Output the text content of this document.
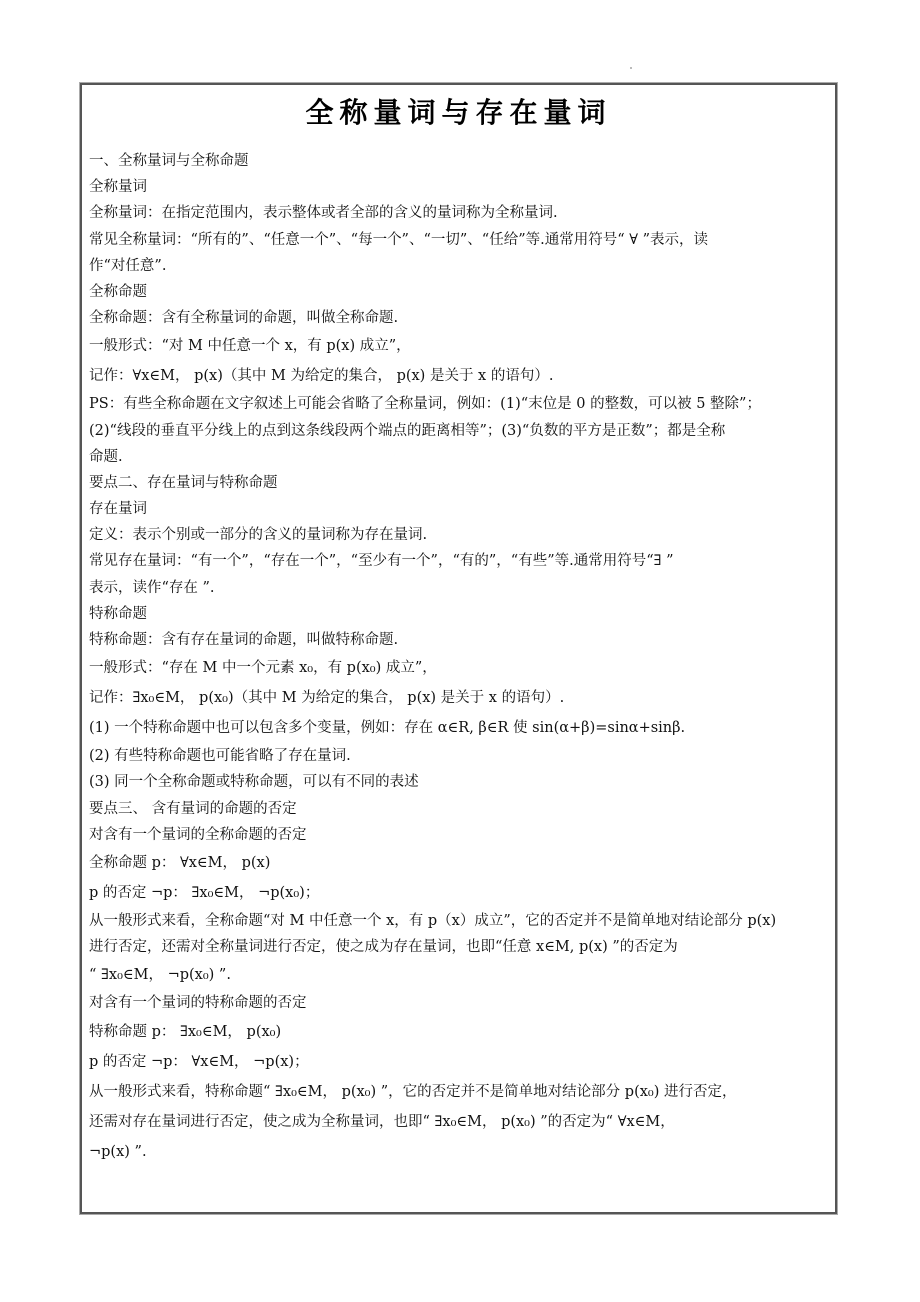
全称量词与存在量词
一、全称量词与全称命题
全称量词
全称量词：在指定范围内，表示整体或者全部的含义的量词称为全称量词.
常见全称量词：“所有的”、“任意一个”、“每一个”、“一切”、“任给”等.通常用符号“ ∀ ”表示，读
作“对任意”.
全称命题
全称命题：含有全称量词的命题，叫做全称命题.
一般形式：“对 M 中任意一个 x，有 p(x) 成立”，
记作：∀x∈M， p(x)（其中 M 为给定的集合， p(x) 是关于 x 的语句）.
PS：有些全称命题在文字叙述上可能会省略了全称量词，例如：(1)“末位是 0 的整数，可以被 5 整除”；
(2)“线段的垂直平分线上的点到这条线段两个端点的距离相等”；(3)“负数的平方是正数”；都是全称
命题.
要点二、存在量词与特称命题
存在量词
定义：表示个别或一部分的含义的量词称为存在量词.
常见存在量词：“有一个”，“存在一个”，“至少有一个”，“有的”，“有些”等.通常用符号“∃ ”
表示，读作“存在 ”.
特称命题
特称命题：含有存在量词的命题，叫做特称命题.
一般形式：“存在 M 中一个元素 x₀，有 p(x₀) 成立”，
记作：∃x₀∈M， p(x₀)（其中 M 为给定的集合， p(x) 是关于 x 的语句）.
(1) 一个特称命题中也可以包含多个变量，例如：存在 α∈R, β∈R 使 sin(α+β)=sinα+sinβ.
(2) 有些特称命题也可能省略了存在量词.
(3) 同一个全称命题或特称命题，可以有不同的表述
要点三、 含有量词的命题的否定
对含有一个量词的全称命题的否定
全称命题 p： ∀x∈M， p(x)
p 的否定 ¬p： ∃x₀∈M， ¬p(x₀)；
从一般形式来看，全称命题“对 M 中任意一个 x，有 p（x）成立”，它的否定并不是简单地对结论部分 p(x)
进行否定，还需对全称量词进行否定，使之成为存在量词，也即“任意 x∈M, p(x) ”的否定为
“ ∃x₀∈M， ¬p(x₀) ”.
对含有一个量词的特称命题的否定
特称命题 p： ∃x₀∈M， p(x₀)
p 的否定 ¬p： ∀x∈M， ¬p(x)；
从一般形式来看，特称命题“ ∃x₀∈M， p(x₀) ”，它的否定并不是简单地对结论部分 p(x₀) 进行否定，
还需对存在量词进行否定，使之成为全称量词，也即“ ∃x₀∈M， p(x₀) ”的否定为“ ∀x∈M，
¬p(x) ”.
